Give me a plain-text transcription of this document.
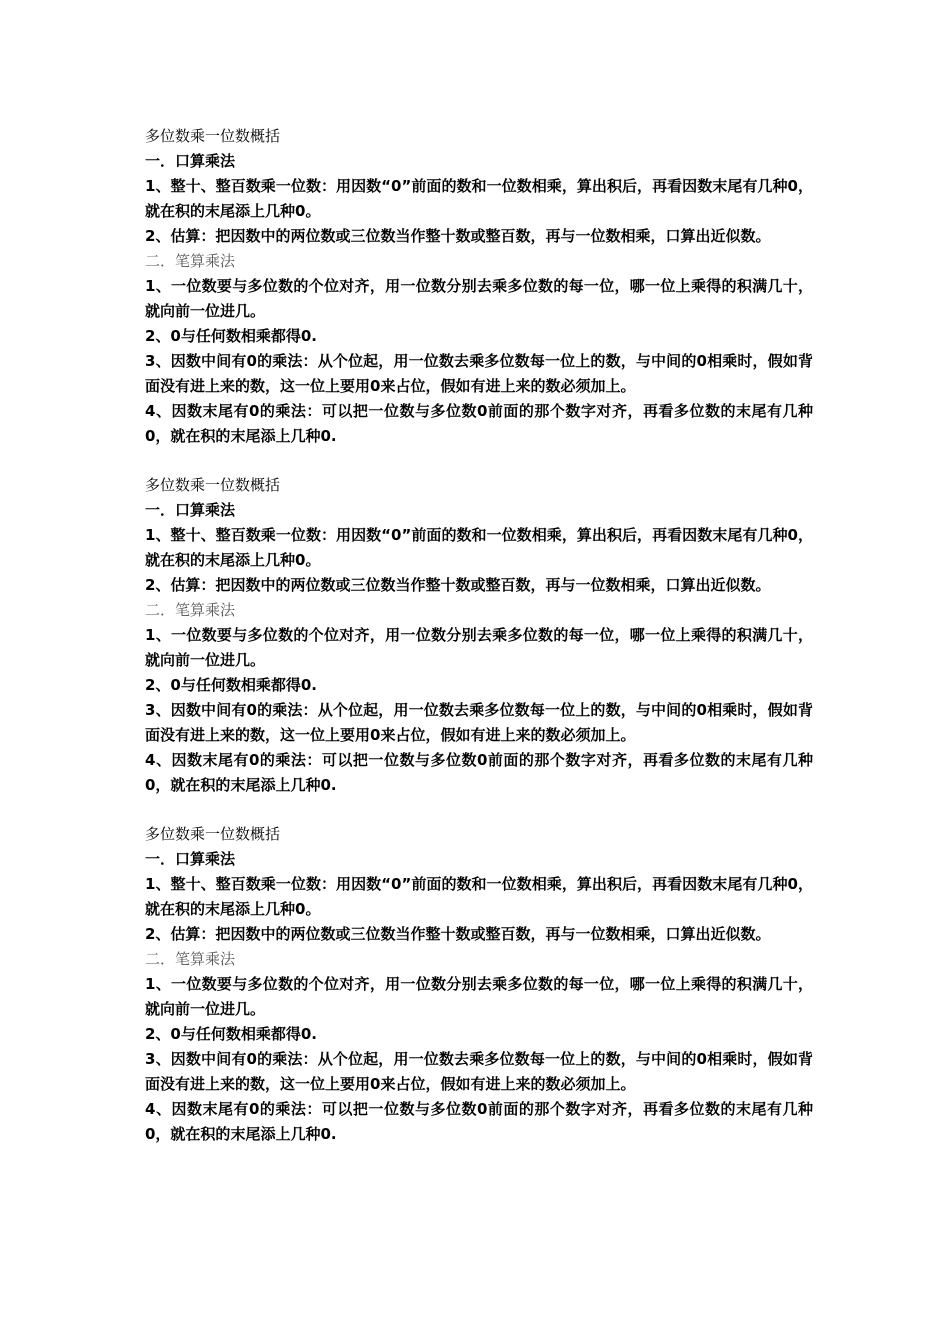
多位数乘一位数概括
一．口算乘法
1、整十、整百数乘一位数：用因数“0”前面的数和一位数相乘，算出积后，再看因数末尾有几种0，就在积的末尾添上几种0。
2、估算：把因数中的两位数或三位数当作整十数或整百数，再与一位数相乘，口算出近似数。
二．笔算乘法
1、一位数要与多位数的个位对齐，用一位数分别去乘多位数的每一位，哪一位上乘得的积满几十，就向前一位进几。
2、0与任何数相乘都得0.
3、因数中间有0的乘法：从个位起，用一位数去乘多位数每一位上的数，与中间的0相乘时，假如背面没有进上来的数，这一位上要用0来占位，假如有进上来的数必须加上。
4、因数末尾有0的乘法：可以把一位数与多位数0前面的那个数字对齐，再看多位数的末尾有几种0，就在积的末尾添上几种0.
多位数乘一位数概括
一．口算乘法
1、整十、整百数乘一位数：用因数“0”前面的数和一位数相乘，算出积后，再看因数末尾有几种0，就在积的末尾添上几种0。
2、估算：把因数中的两位数或三位数当作整十数或整百数，再与一位数相乘，口算出近似数。
二．笔算乘法
1、一位数要与多位数的个位对齐，用一位数分别去乘多位数的每一位，哪一位上乘得的积满几十，就向前一位进几。
2、0与任何数相乘都得0.
3、因数中间有0的乘法：从个位起，用一位数去乘多位数每一位上的数，与中间的0相乘时，假如背面没有进上来的数，这一位上要用0来占位，假如有进上来的数必须加上。
4、因数末尾有0的乘法：可以把一位数与多位数0前面的那个数字对齐，再看多位数的末尾有几种0，就在积的末尾添上几种0.
多位数乘一位数概括
一．口算乘法
1、整十、整百数乘一位数：用因数“0”前面的数和一位数相乘，算出积后，再看因数末尾有几种0，就在积的末尾添上几种0。
2、估算：把因数中的两位数或三位数当作整十数或整百数，再与一位数相乘，口算出近似数。
二．笔算乘法
1、一位数要与多位数的个位对齐，用一位数分别去乘多位数的每一位，哪一位上乘得的积满几十，就向前一位进几。
2、0与任何数相乘都得0.
3、因数中间有0的乘法：从个位起，用一位数去乘多位数每一位上的数，与中间的0相乘时，假如背面没有进上来的数，这一位上要用0来占位，假如有进上来的数必须加上。
4、因数末尾有0的乘法：可以把一位数与多位数0前面的那个数字对齐，再看多位数的末尾有几种0，就在积的末尾添上几种0.
